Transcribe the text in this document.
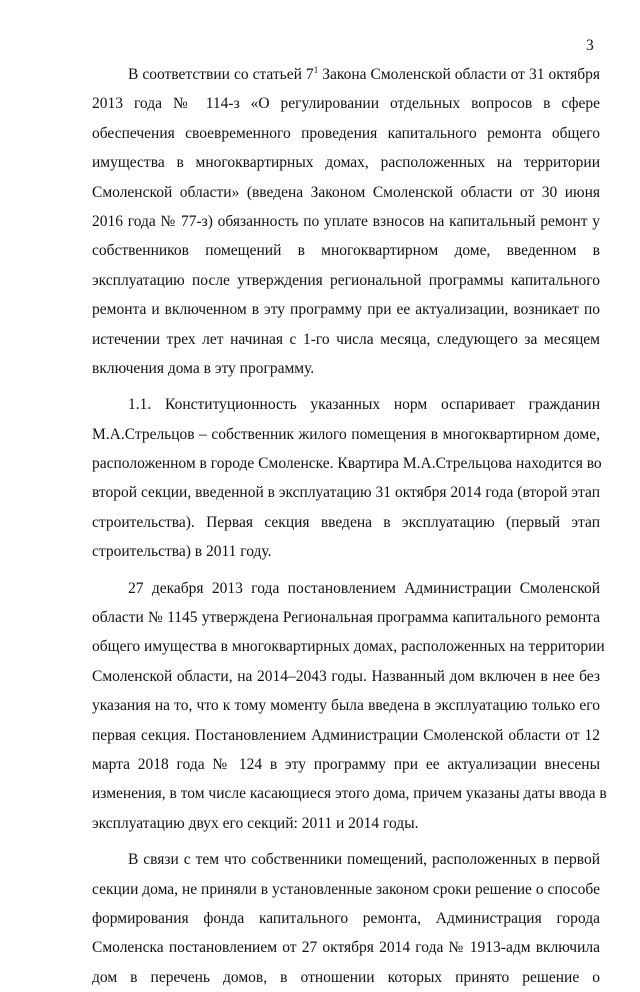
3
В соответствии со статьей $7^1$ Закона Смоленской области от 31 октября
2013 года № 114-з «О регулировании отдельных вопросов в сфере
обеспечения своевременного проведения капитального ремонта общего
имущества в многоквартирных домах, расположенных на территории
Смоленской области» (введена Законом Смоленской области от 30 июня
2016 года № 77-з) обязанность по уплате взносов на капитальный ремонт у
собственников помещений в многоквартирном доме, введенном в
эксплуатацию после утверждения региональной программы капитального
ремонта и включенном в эту программу при ее актуализации, возникает по
истечении трех лет начиная с 1-го числа месяца, следующего за месяцем
включения дома в эту программу.
1.1. Конституционность указанных норм оспаривает гражданин
М.А.Стрельцов – собственник жилого помещения в многоквартирном доме,
расположенном в городе Смоленске. Квартира М.А.Стрельцова находится во
второй секции, введенной в эксплуатацию 31 октября 2014 года (второй этап
строительства). Первая секция введена в эксплуатацию (первый этап
строительства) в 2011 году.
27 декабря 2013 года постановлением Администрации Смоленской
области № 1145 утверждена Региональная программа капитального ремонта
общего имущества в многоквартирных домах, расположенных на территории
Смоленской области, на 2014–2043 годы. Названный дом включен в нее без
указания на то, что к тому моменту была введена в эксплуатацию только его
первая секция. Постановлением Администрации Смоленской области от 12
марта 2018 года № 124 в эту программу при ее актуализации внесены
изменения, в том числе касающиеся этого дома, причем указаны даты ввода в
эксплуатацию двух его секций: 2011 и 2014 годы.
В связи с тем что собственники помещений, расположенных в первой
секции дома, не приняли в установленные законом сроки решение о способе
формирования фонда капитального ремонта, Администрация города
Смоленска постановлением от 27 октября 2014 года № 1913-адм включила
дом в перечень домов, в отношении которых принято решение о
